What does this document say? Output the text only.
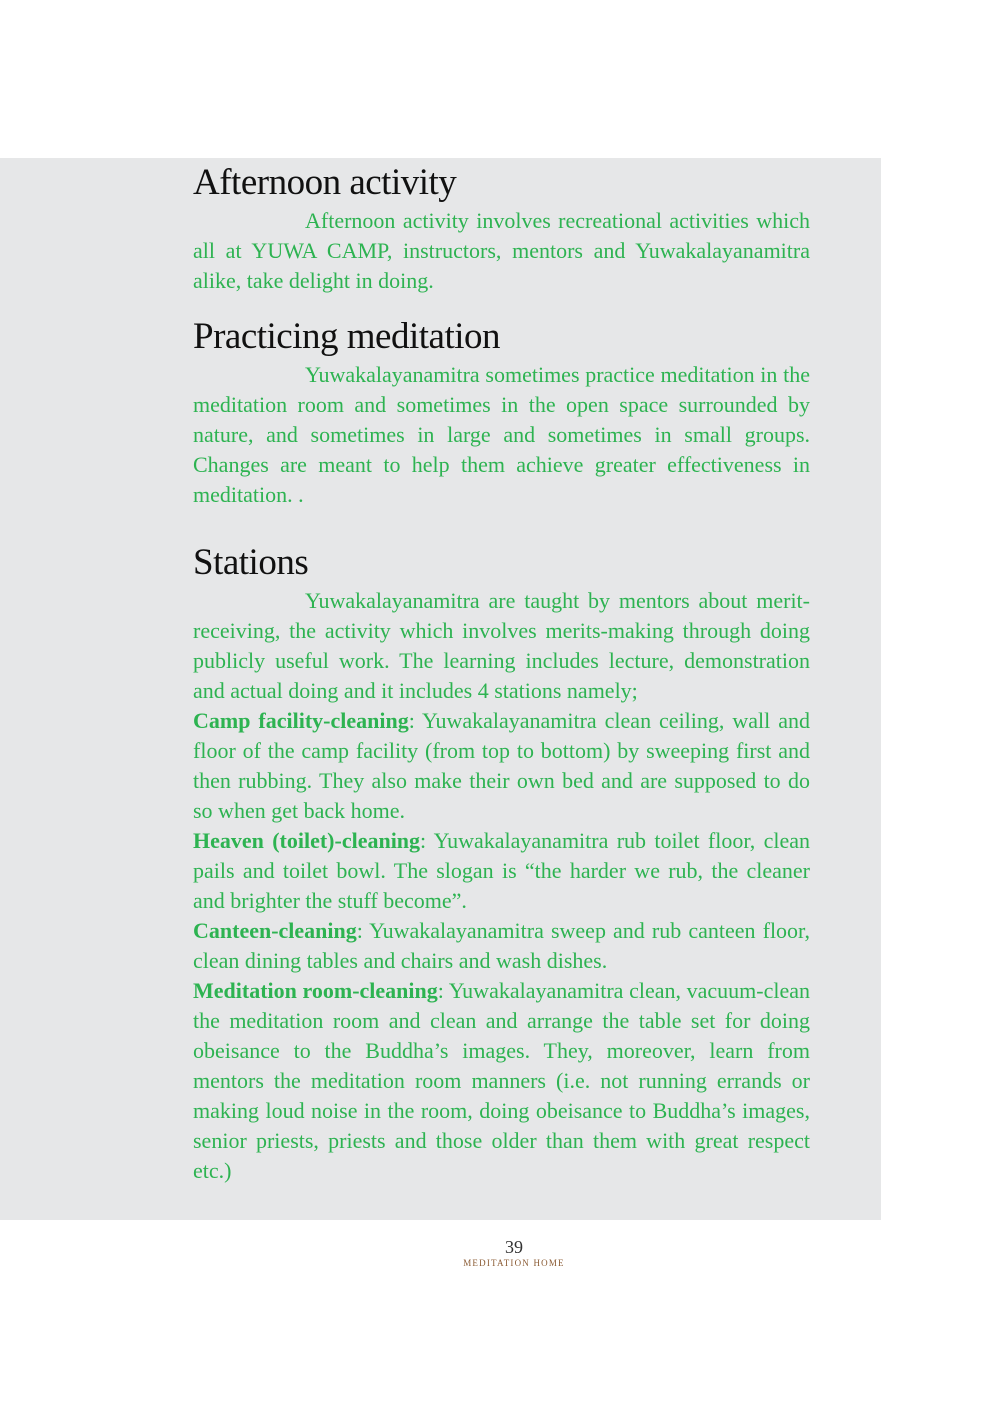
Afternoon activity

Afternoon activity involves recreational activities which all at YUWA CAMP, instructors, mentors and Yuwakalayanamitra alike, take delight in doing.

Practicing meditation

Yuwakalayanamitra sometimes practice meditation in the meditation room and sometimes in the open space surrounded by nature, and sometimes in large and sometimes in small groups. Changes are meant to help them achieve greater effectiveness in meditation. .

Stations

Yuwakalayanamitra are taught by mentors about merit-receiving, the activity which involves merits-making through doing publicly useful work. The learning includes lecture, demonstration and actual doing and it includes 4 stations namely;

Camp facility-cleaning: Yuwakalayanamitra clean ceiling, wall and floor of the camp facility (from top to bottom) by sweeping first and then rubbing. They also make their own bed and are supposed to do so when get back home.

Heaven (toilet)-cleaning: Yuwakalayanamitra rub toilet floor, clean pails and toilet bowl. The slogan is “the harder we rub, the cleaner and brighter the stuff become”.

Canteen-cleaning: Yuwakalayanamitra sweep and rub canteen floor, clean dining tables and chairs and wash dishes.

Meditation room-cleaning: Yuwakalayanamitra clean, vacuum-clean the meditation room and clean and arrange the table set for doing obeisance to the Buddha’s images. They, moreover, learn from mentors the meditation room manners (i.e. not running errands or making loud noise in the room, doing obeisance to Buddha’s images, senior priests, priests and those older than them with great respect etc.)

39
MEDITATION HOME
